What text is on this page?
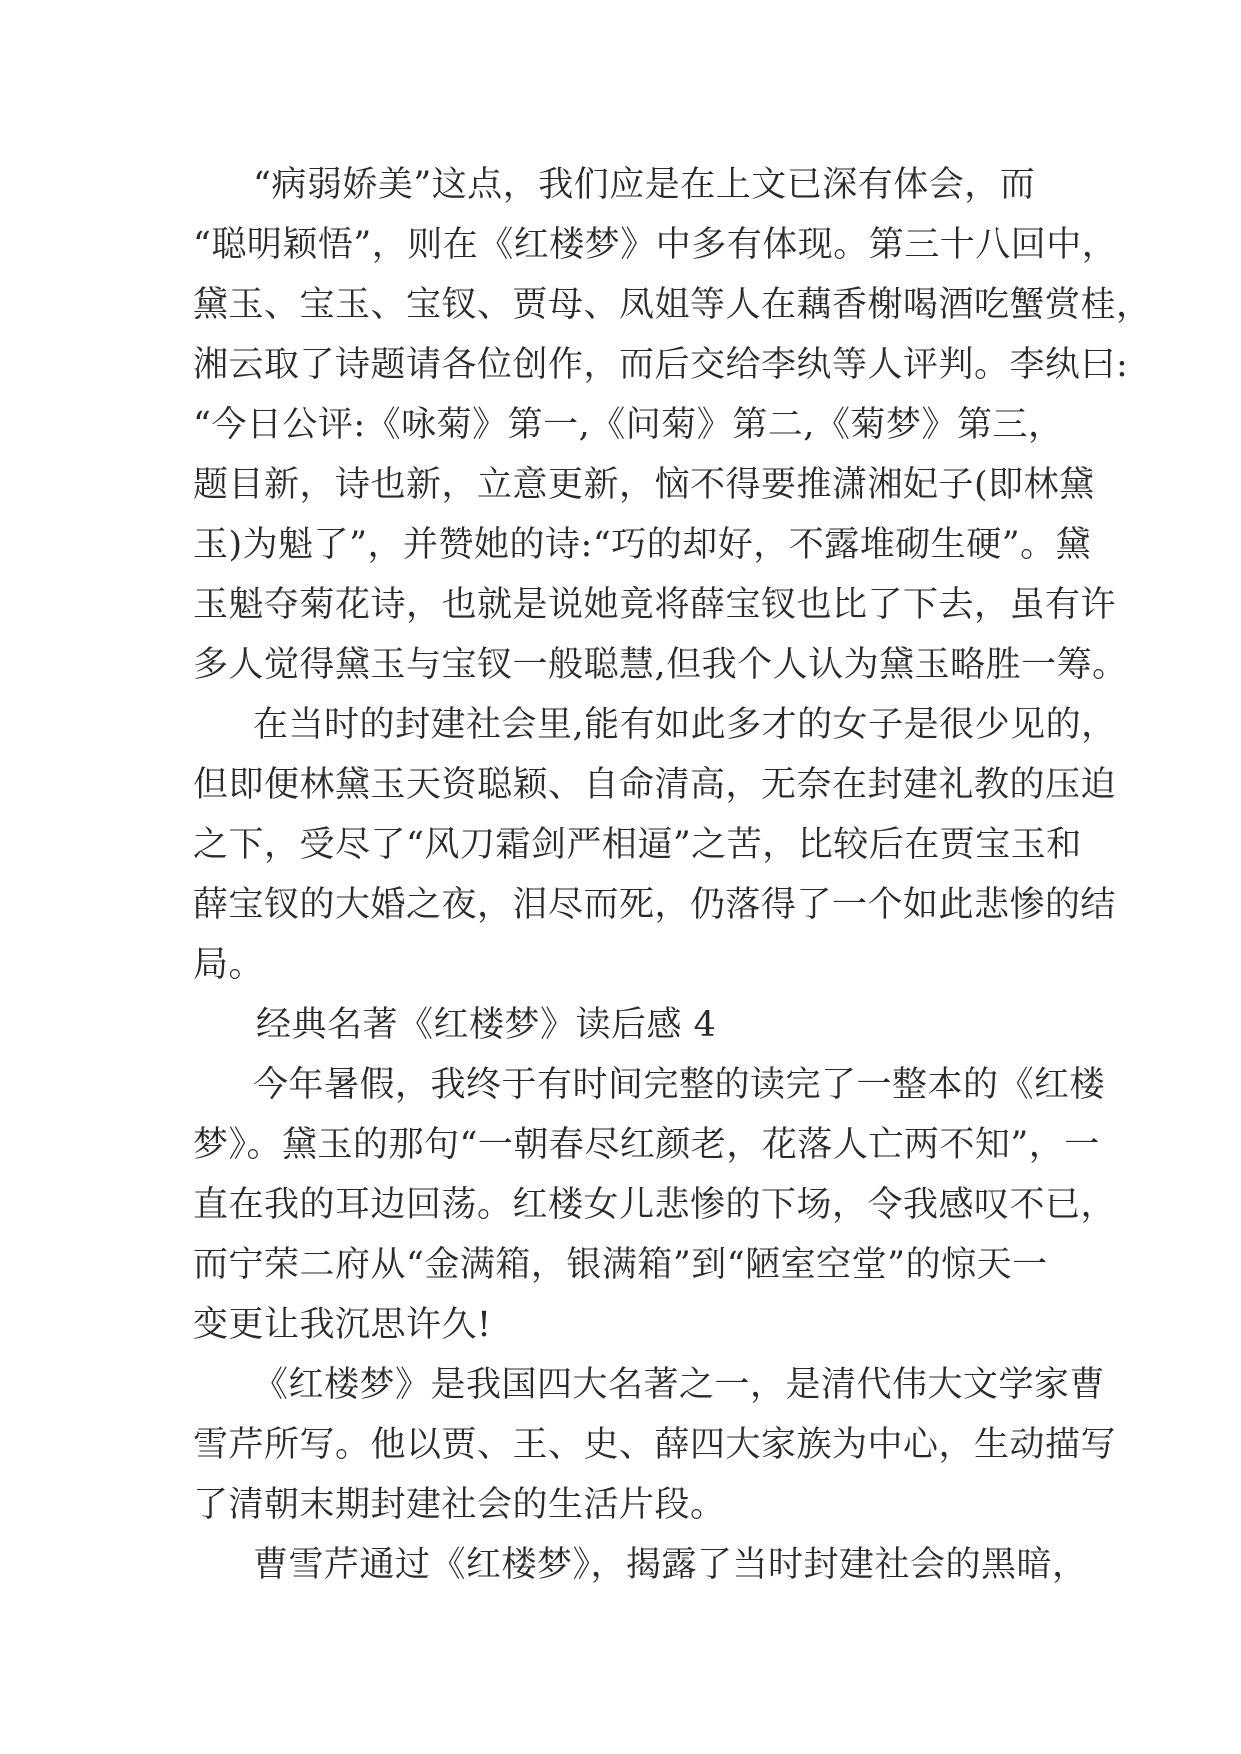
“病弱娇美”这点，我们应是在上文已深有体会，而
“聪明颖悟”，则在《红楼梦》中多有体现。第三十八回中，
黛玉、宝玉、宝钗、贾母、凤姐等人在藕香榭喝酒吃蟹赏桂，
湘云取了诗题请各位创作，而后交给李纨等人评判。李纨曰:
“今日公评:《咏菊》第一,《问菊》第二,《菊梦》第三，
题目新，诗也新，立意更新，恼不得要推潇湘妃子(即林黛
玉)为魁了”，并赞她的诗:“巧的却好，不露堆砌生硬”。黛
玉魁夺菊花诗，也就是说她竟将薛宝钗也比了下去，虽有许
多人觉得黛玉与宝钗一般聪慧,但我个人认为黛玉略胜一筹。
在当时的封建社会里,能有如此多才的女子是很少见的，
但即便林黛玉天资聪颖、自命清高，无奈在封建礼教的压迫
之下，受尽了“风刀霜剑严相逼”之苦，比较后在贾宝玉和
薛宝钗的大婚之夜，泪尽而死，仍落得了一个如此悲惨的结
局。
经典名著《红楼梦》读后感 4
今年暑假，我终于有时间完整的读完了一整本的《红楼
梦》。黛玉的那句“一朝春尽红颜老，花落人亡两不知”，一
直在我的耳边回荡。红楼女儿悲惨的下场，令我感叹不已，
而宁荣二府从“金满箱，银满箱”到“陋室空堂”的惊天一
变更让我沉思许久!
《红楼梦》是我国四大名著之一，是清代伟大文学家曹
雪芹所写。他以贾、王、史、薛四大家族为中心，生动描写
了清朝末期封建社会的生活片段。
曹雪芹通过《红楼梦》，揭露了当时封建社会的黑暗，
